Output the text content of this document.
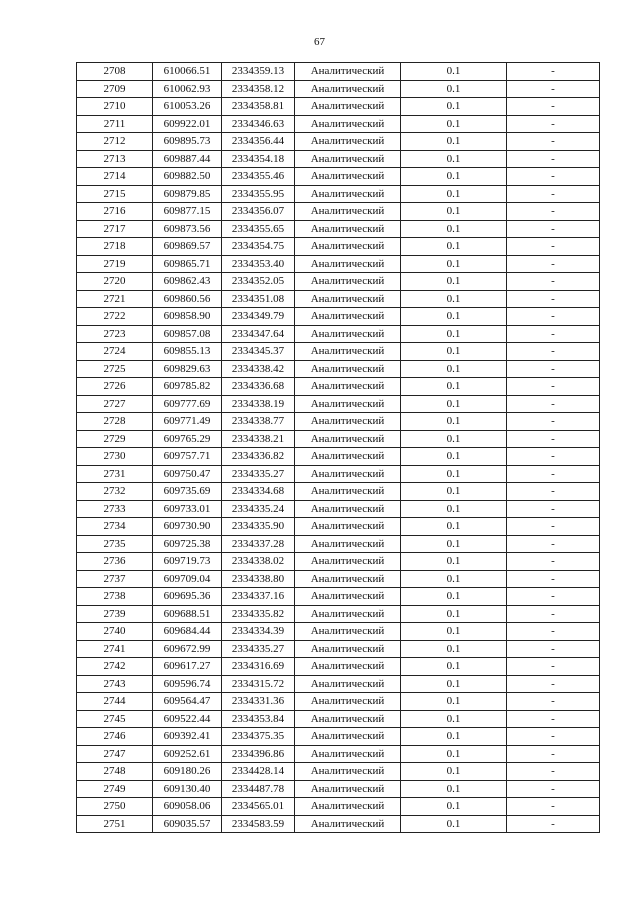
67
2708	610066.51	2334359.13	Аналитический	0.1	-
2709	610062.93	2334358.12	Аналитический	0.1	-
2710	610053.26	2334358.81	Аналитический	0.1	-
2711	609922.01	2334346.63	Аналитический	0.1	-
2712	609895.73	2334356.44	Аналитический	0.1	-
2713	609887.44	2334354.18	Аналитический	0.1	-
2714	609882.50	2334355.46	Аналитический	0.1	-
2715	609879.85	2334355.95	Аналитический	0.1	-
2716	609877.15	2334356.07	Аналитический	0.1	-
2717	609873.56	2334355.65	Аналитический	0.1	-
2718	609869.57	2334354.75	Аналитический	0.1	-
2719	609865.71	2334353.40	Аналитический	0.1	-
2720	609862.43	2334352.05	Аналитический	0.1	-
2721	609860.56	2334351.08	Аналитический	0.1	-
2722	609858.90	2334349.79	Аналитический	0.1	-
2723	609857.08	2334347.64	Аналитический	0.1	-
2724	609855.13	2334345.37	Аналитический	0.1	-
2725	609829.63	2334338.42	Аналитический	0.1	-
2726	609785.82	2334336.68	Аналитический	0.1	-
2727	609777.69	2334338.19	Аналитический	0.1	-
2728	609771.49	2334338.77	Аналитический	0.1	-
2729	609765.29	2334338.21	Аналитический	0.1	-
2730	609757.71	2334336.82	Аналитический	0.1	-
2731	609750.47	2334335.27	Аналитический	0.1	-
2732	609735.69	2334334.68	Аналитический	0.1	-
2733	609733.01	2334335.24	Аналитический	0.1	-
2734	609730.90	2334335.90	Аналитический	0.1	-
2735	609725.38	2334337.28	Аналитический	0.1	-
2736	609719.73	2334338.02	Аналитический	0.1	-
2737	609709.04	2334338.80	Аналитический	0.1	-
2738	609695.36	2334337.16	Аналитический	0.1	-
2739	609688.51	2334335.82	Аналитический	0.1	-
2740	609684.44	2334334.39	Аналитический	0.1	-
2741	609672.99	2334335.27	Аналитический	0.1	-
2742	609617.27	2334316.69	Аналитический	0.1	-
2743	609596.74	2334315.72	Аналитический	0.1	-
2744	609564.47	2334331.36	Аналитический	0.1	-
2745	609522.44	2334353.84	Аналитический	0.1	-
2746	609392.41	2334375.35	Аналитический	0.1	-
2747	609252.61	2334396.86	Аналитический	0.1	-
2748	609180.26	2334428.14	Аналитический	0.1	-
2749	609130.40	2334487.78	Аналитический	0.1	-
2750	609058.06	2334565.01	Аналитический	0.1	-
2751	609035.57	2334583.59	Аналитический	0.1	-
